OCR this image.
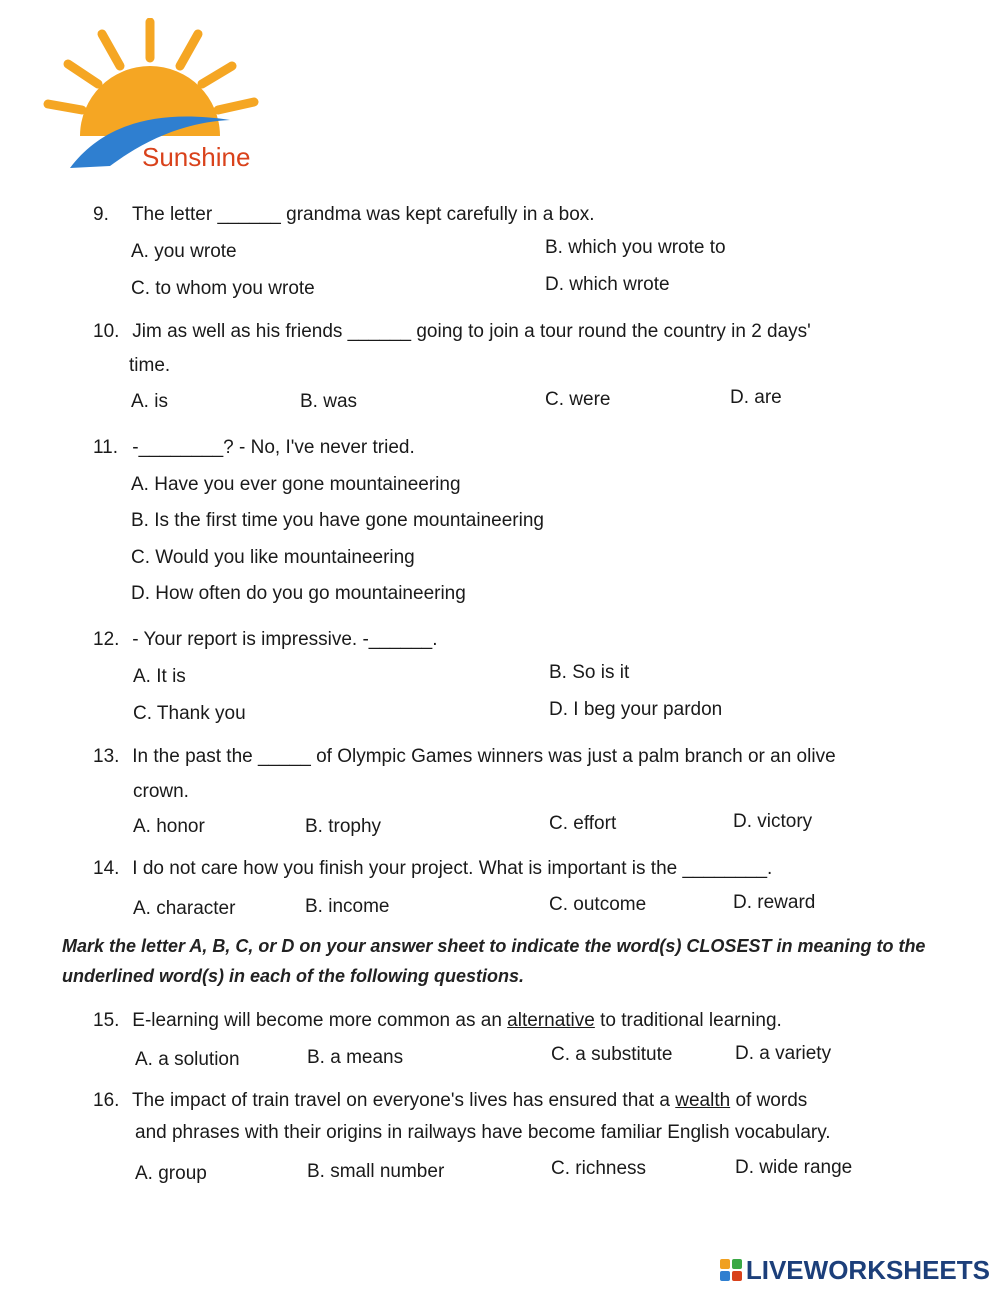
Sunshine
9. The letter ______ grandma was kept carefully in a box.
A. you wrote	B. which you wrote to
C. to whom you wrote	D. which wrote
10. Jim as well as his friends ______ going to join a tour round the country in 2 days'
time.
A. is	B. was	C. were	D. are
11. -________? - No, I've never tried.
A. Have you ever gone mountaineering
B. Is the first time you have gone mountaineering
C. Would you like mountaineering
D. How often do you go mountaineering
12. - Your report is impressive. -______.
A. It is	B. So is it
C. Thank you	D. I beg your pardon
13. In the past the _____ of Olympic Games winners was just a palm branch or an olive
crown.
A. honor	B. trophy	C. effort	D. victory
14. I do not care how you finish your project. What is important is the ________.
A. character	B. income	C. outcome	D. reward
Mark the letter A, B, C, or D on your answer sheet to indicate the word(s) CLOSEST in meaning to the underlined word(s) in each of the following questions.
15. E-learning will become more common as an alternative to traditional learning.
A. a solution	B. a means	C. a substitute	D. a variety
16. The impact of train travel on everyone's lives has ensured that a wealth of words
and phrases with their origins in railways have become familiar English vocabulary.
A. group	B. small number	C. richness	D. wide range
LIVEWORKSHEETS
